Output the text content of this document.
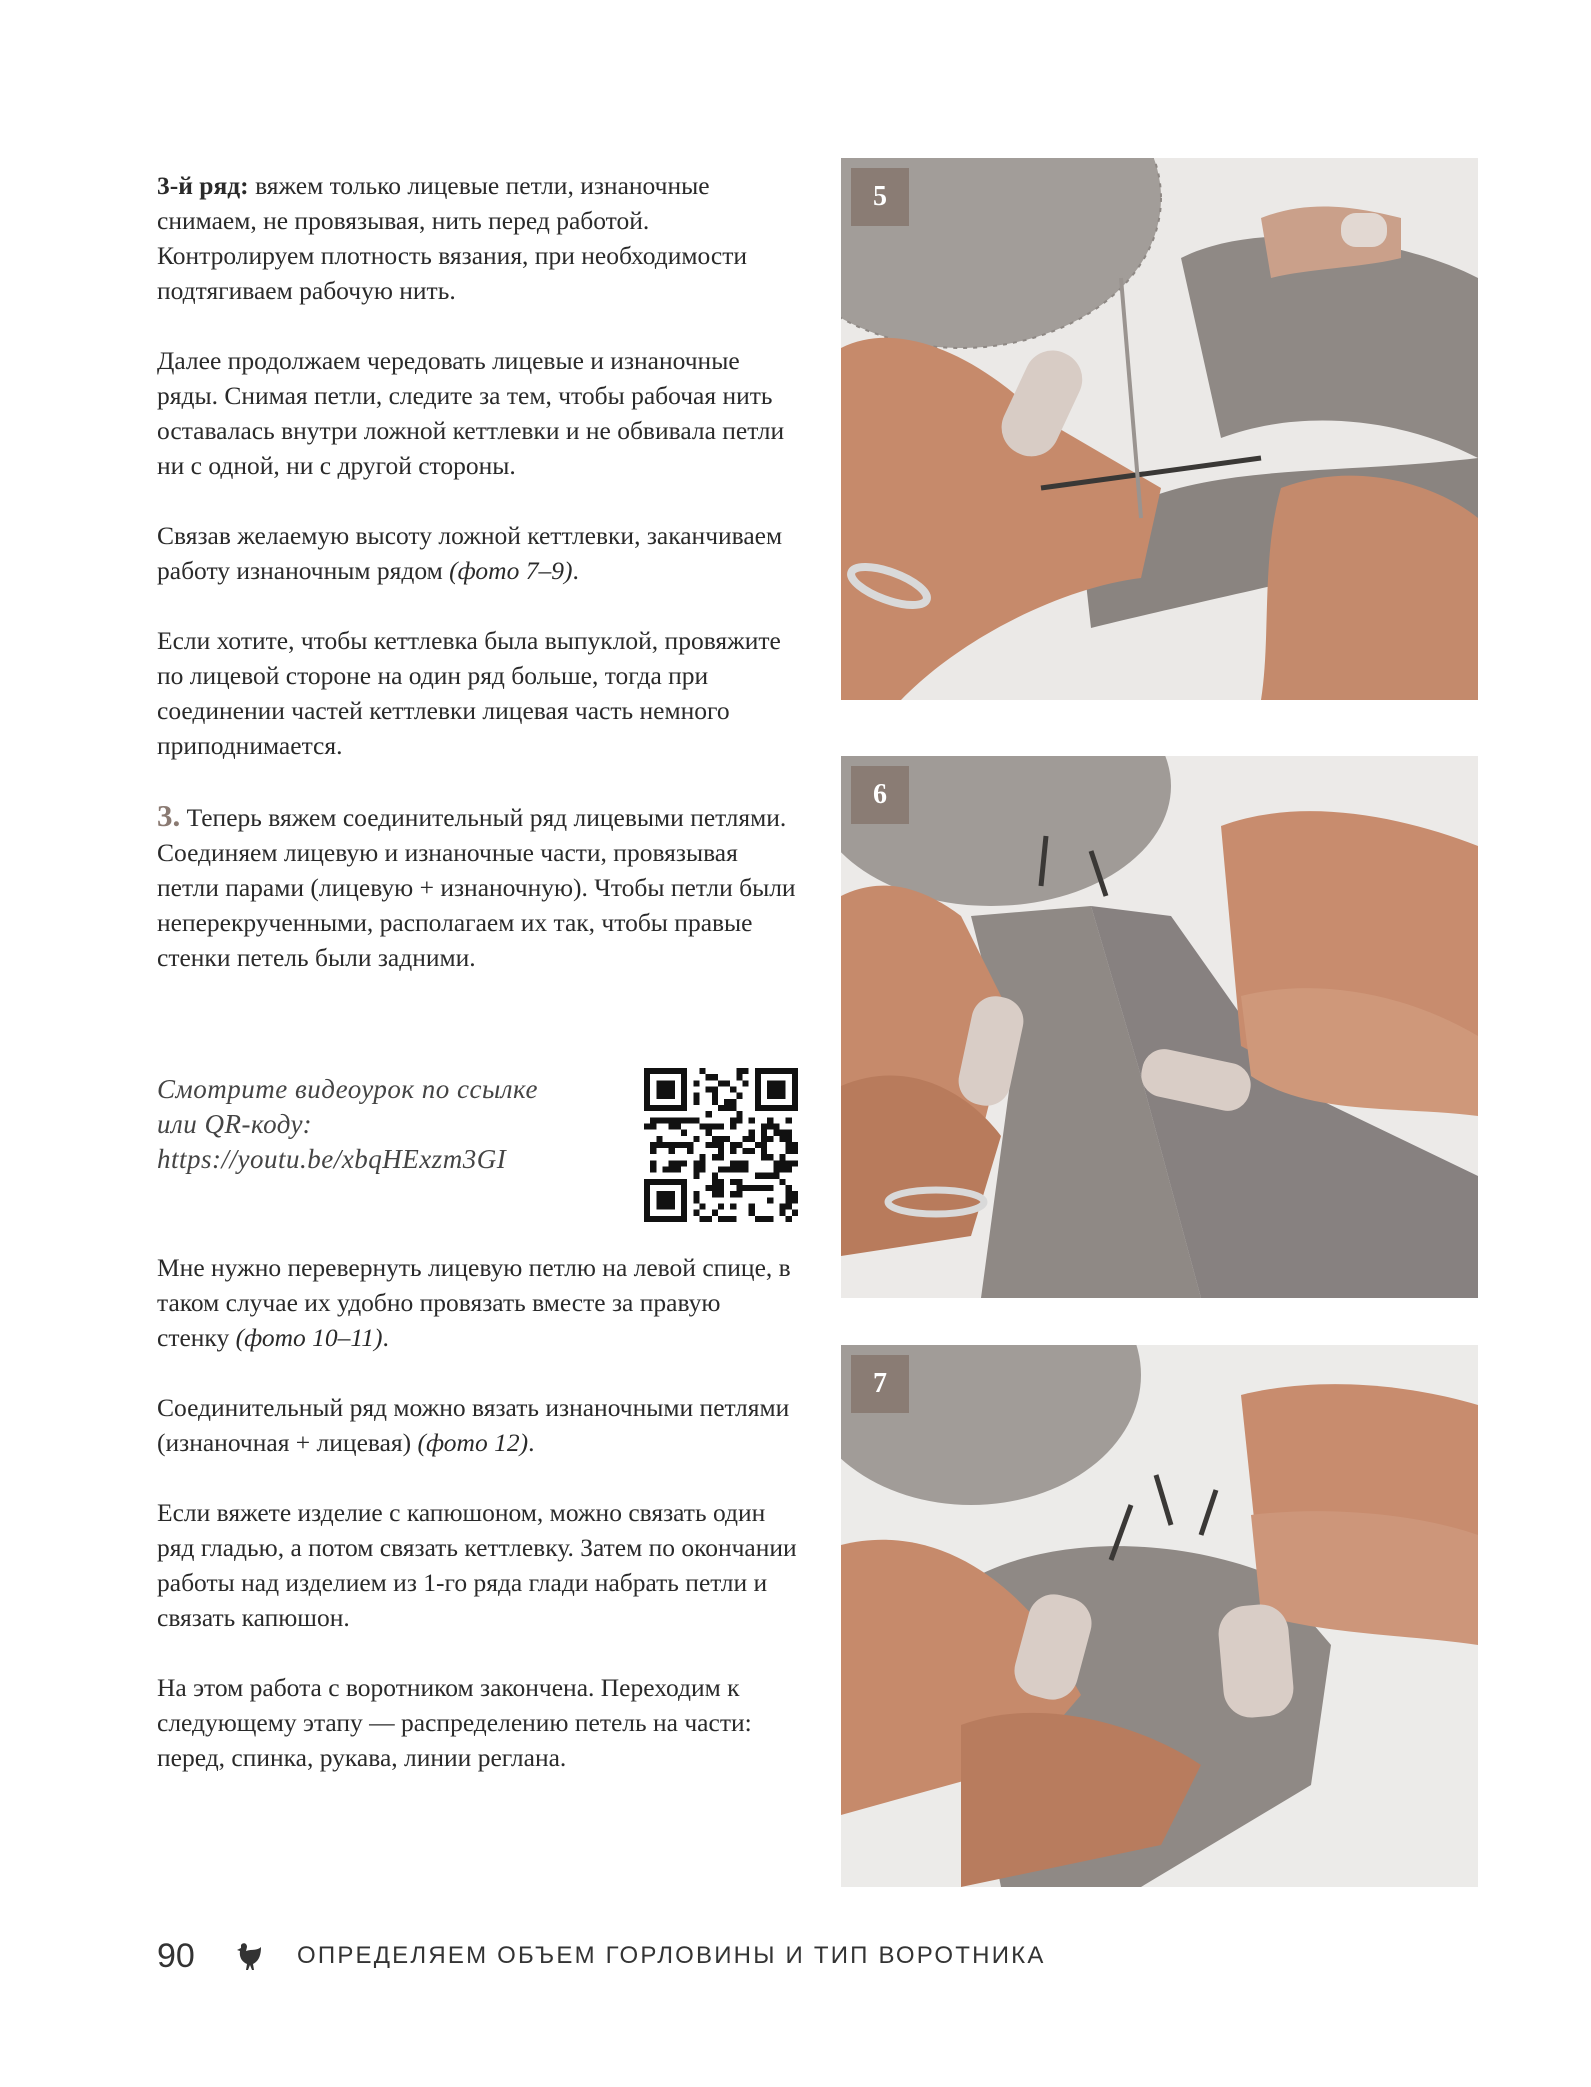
3-й ряд: вяжем только лицевые петли, изнаночные снимаем, не провязывая, нить перед работой. Контролируем плотность вязания, при необходимости подтягиваем рабочую нить.

Далее продолжаем чередовать лицевые и изнаночные ряды. Снимая петли, следите за тем, чтобы рабочая нить оставалась внутри ложной кеттлевки и не обвивала петли ни с одной, ни с другой стороны.

Связав желаемую высоту ложной кеттлевки, заканчиваем работу изнаночным рядом (фото 7–9).

Если хотите, чтобы кеттлевка была выпуклой, провяжите по лицевой стороне на один ряд больше, тогда при соединении частей кеттлевки лицевая часть немного приподнимается.

3. Теперь вяжем соединительный ряд лицевыми петлями. Соединяем лицевую и изнаночные части, провязывая петли парами (лицевую + изнаночную). Чтобы петли были неперекрученными, располагаем их так, чтобы правые стенки петель были задними.

Смотрите видеоурок по ссылке
или QR-коду:
https://youtu.be/xbqHExzm3GI

Мне нужно перевернуть лицевую петлю на левой спице, в таком случае их удобно провязать вместе за правую стенку (фото 10–11).

Соединительный ряд можно вязать изнаночными петлями (изнаночная + лицевая) (фото 12).

Если вяжете изделие с капюшоном, можно связать один ряд гладью, а потом связать кеттлевку. Затем по окончании работы над изделием из 1-го ряда глади набрать петли и связать капюшон.

На этом работа с воротником закончена. Переходим к следующему этапу — распределению петель на части: перед, спинка, рукава, линии реглана.

5
6
7
90	ОПРЕДЕЛЯЕМ ОБЪЕМ ГОРЛОВИНЫ И ТИП ВОРОТНИКА
